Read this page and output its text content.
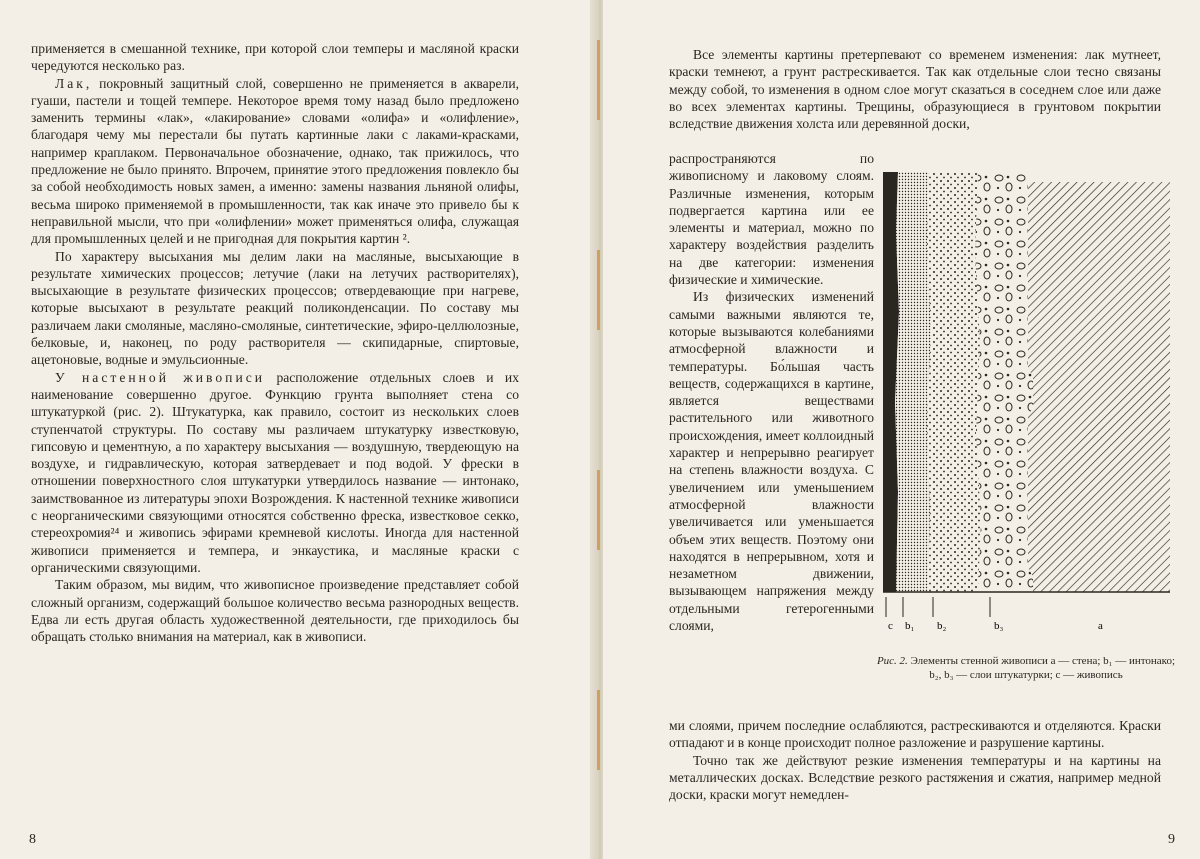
применяется в смешанной технике, при которой слои темперы и масляной краски чередуются несколько раз.

Лак, покровный защитный слой, совершенно не применяется в акварели, гуаши, пастели и тощей темпере. Некоторое время тому назад было предложено заменить термины «лак», «лакирование» словами «олифа» и «олифление», благодаря чему мы перестали бы путать картинные лаки с лаками-красками, например краплаком. Первоначальное обозначение, однако, так прижилось, что предложение не было принято. Впрочем, принятие этого предложения повлекло бы за собой необходимость новых замен, а именно: замены названия льняной олифы, весьма широко применяемой в промышленности, так как иначе это привело бы к неправильной мысли, что при «олифлении» может применяться олифа, служащая для промышленных целей и не пригодная для покрытия картин ².

По характеру высыхания мы делим лаки на масляные, высыхающие в результате химических процессов; летучие (лаки на летучих растворителях), высыхающие в результате физических процессов; отвердевающие при нагреве, которые высыхают в результате реакций поликонденсации. По составу мы различаем лаки смоляные, масляно-смоляные, синтетические, эфиро-целлюлозные, белковые, и, наконец, по роду растворителя — скипидарные, спиртовые, ацетоновые, водные и эмульсионные.

У настенной живописи расположение отдельных слоев и их наименование совершенно другое. Функцию грунта выполняет стена со штукатуркой (рис. 2). Штукатурка, как правило, состоит из нескольких слоев ступенчатой структуры. По составу мы различаем штукатурку известковую, гипсовую и цементную, а по характеру высыхания — воздушную, твердеющую на воздухе, и гидравлическую, которая затвердевает и под водой. У фрески в отношении поверхностного слоя штукатурки утвердилось название — интонако, заимствованное из литературы эпохи Возрождения. К настенной технике живописи с неорганическими связующими относятся собственно фреска, известковое секко, стереохромия²⁴ и живопись эфирами кремневой кислоты. Иногда для настенной живописи применяется и темпера, и энкаустика, и масляные краски с органическими связующими.

Таким образом, мы видим, что живописное произведение представляет собой сложный организм, содержащий большое количество весьма разнородных веществ. Едва ли есть другая область художественной деятельности, где приходилось бы обращать столько внимания на материал, как в живописи.

8

Все элементы картины претерпевают со временем изменения: лак мутнеет, краски темнеют, а грунт растрескивается. Так как отдельные слои тесно связаны между собой, то изменения в одном слое могут сказаться в соседнем слое или даже во всех элементах картины. Трещины, образующиеся в грунтовом покрытии вследствие движения холста или деревянной доски,

распространяются по живописному и лаковому слоям. Различные изменения, которым подвергается картина или ее элементы и материал, можно по характеру воздействия разделить на две категории: изменения физические и химические.

Из физических изменений самыми важными являются те, которые вызываются колебаниями атмосферной влажности и температуры. Бо́льшая часть веществ, содержащихся в картине, является веществами растительного или животного происхождения, имеет коллоидный характер и непрерывно реагирует на степень влажности воздуха. С увеличением или уменьшением атмосферной влажности увеличивается или уменьшается объем этих веществ. Поэтому они находятся в непрерывном, хотя и незаметном движении, вызывающем напряжения между отдельными гетерогенными слоями,

ми слоями, причем последние ослабляются, растрескиваются и отделяются. Краски отпадают и в конце происходит полное разложение и разрушение картины.

Точно так же действуют резкие изменения температуры и на картины на металлических досках. Вследствие резкого растяжения и сжатия, например медной доски, краски могут немедлен-

9
c b₁ b₂	b₃	a
Рис. 2. Элементы стенной живописи а — стена; b₁ — интонако; b₂, b₃ — слои штукатурки; с — живопись
